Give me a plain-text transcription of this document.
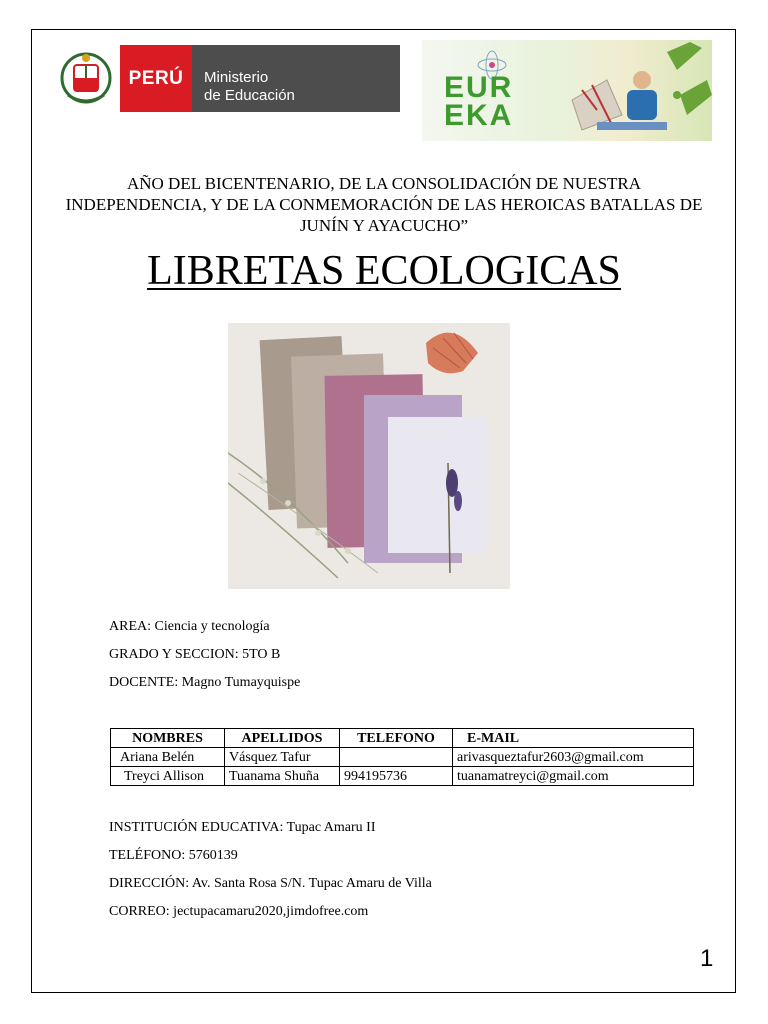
PERÚ	Ministerio
de Educación	EUR
EKA
AÑO DEL BICENTENARIO, DE LA CONSOLIDACIÓN DE NUESTRA INDEPENDENCIA, Y DE LA CONMEMORACIÓN DE LAS HEROICAS BATALLAS DE JUNÍN Y AYACUCHO”
LIBRETAS ECOLOGICAS
AREA: Ciencia y tecnología
GRADO Y SECCION: 5TO B
DOCENTE: Magno Tumayquispe
NOMBRES	APELLIDOS	TELEFONO	E-MAIL
Ariana Belén	Vásquez Tafur		arivasqueztafur2603@gmail.com
Treyci Allison	Tuanama Shuña	994195736	tuanamatreyci@gmail.com
INSTITUCIÓN EDUCATIVA: Tupac Amaru II
TELÉFONO: 5760139
DIRECCIÓN: Av. Santa Rosa S/N. Tupac Amaru de Villa
CORREO: jectupacamaru2020,jimdofree.com
1
